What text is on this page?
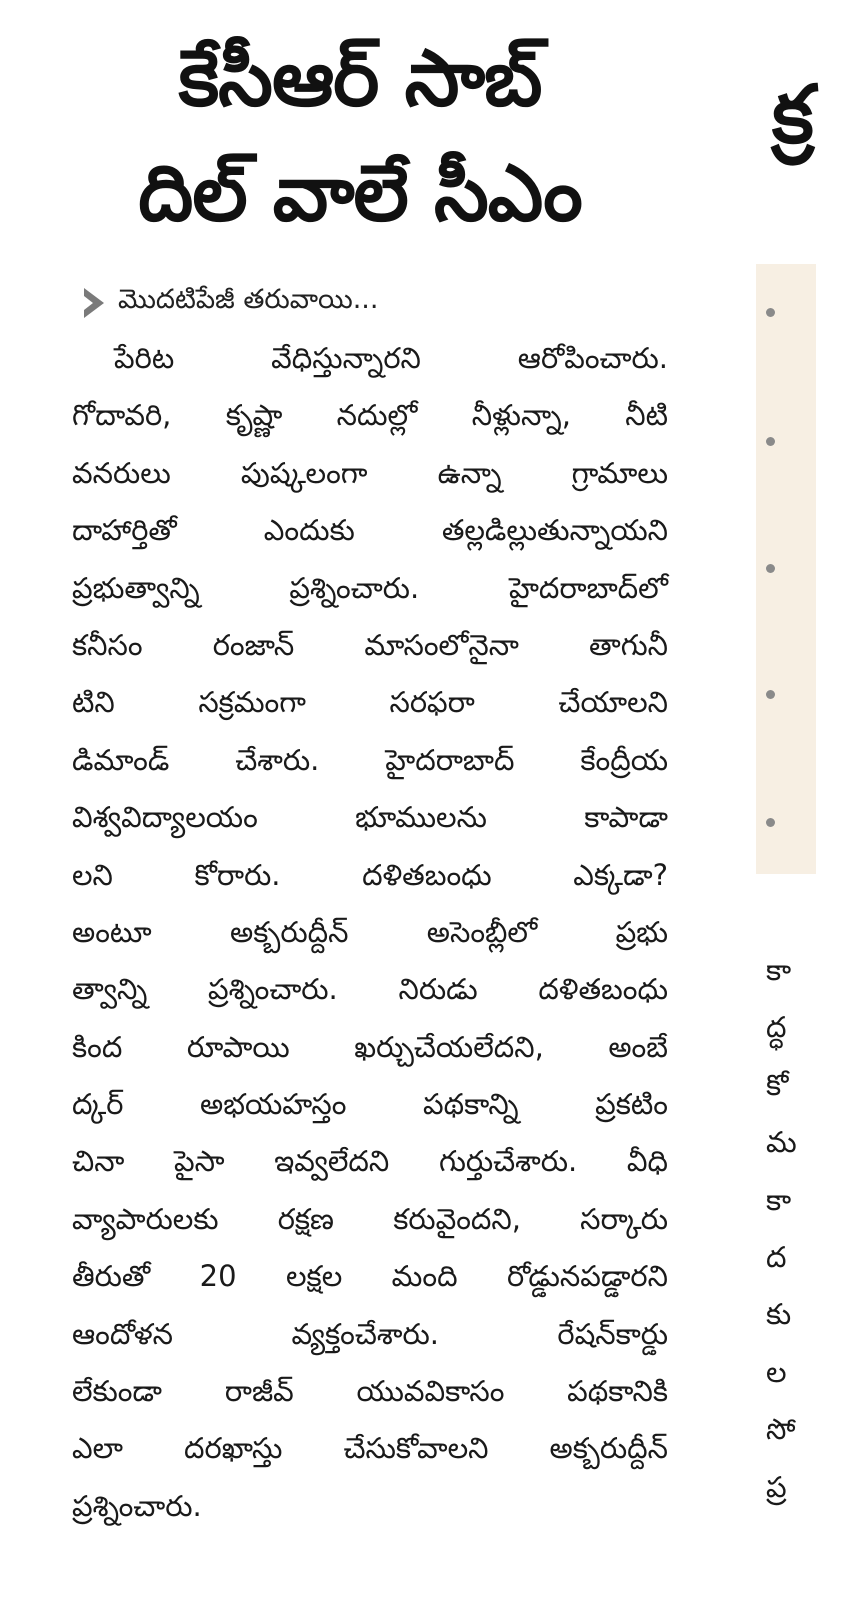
కేసీఆర్ సాబ్
దిల్ వాలే సీఎం
మొదటిపేజీ తరువాయి...
పేరిట వేధిస్తున్నారని ఆరోపించారు.
గోదావరి, కృష్ణా నదుల్లో నీళ్లున్నా, నీటి
వనరులు పుష్కలంగా ఉన్నా గ్రామాలు
దాహార్తితో ఎందుకు తల్లడిల్లుతున్నాయని
ప్రభుత్వాన్ని ప్రశ్నించారు. హైదరాబాద్‌లో
కనీసం రంజాన్ మాసంలోనైనా తాగునీ
టిని సక్రమంగా సరఫరా చేయాలని
డిమాండ్ చేశారు. హైదరాబాద్ కేంద్రీయ
విశ్వవిద్యాలయం భూములను కాపాడా
లని కోరారు. దళితబంధు ఎక్కడా?
అంటూ అక్బరుద్దీన్ అసెంబ్లీలో ప్రభు
త్వాన్ని ప్రశ్నించారు. నిరుడు దళితబంధు
కింద రూపాయి ఖర్చుచేయలేదని, అంబే
ద్కర్ అభయహస్తం పథకాన్ని ప్రకటిం
చినా పైసా ఇవ్వలేదని గుర్తుచేశారు. వీధి
వ్యాపారులకు రక్షణ కరువైందని, సర్కారు
తీరుతో 20 లక్షల మంది రోడ్డునపడ్డారని
ఆందోళన వ్యక్తంచేశారు. రేషన్‌కార్డు
లేకుండా రాజీవ్ యువవికాసం పథకానికి
ఎలా దరఖాస్తు చేసుకోవాలని అక్బరుద్దీన్
ప్రశ్నించారు.
క్ర
కా
ద్ధ
కో
మ
కా
ద
కు
ల
సో
ప్ర
